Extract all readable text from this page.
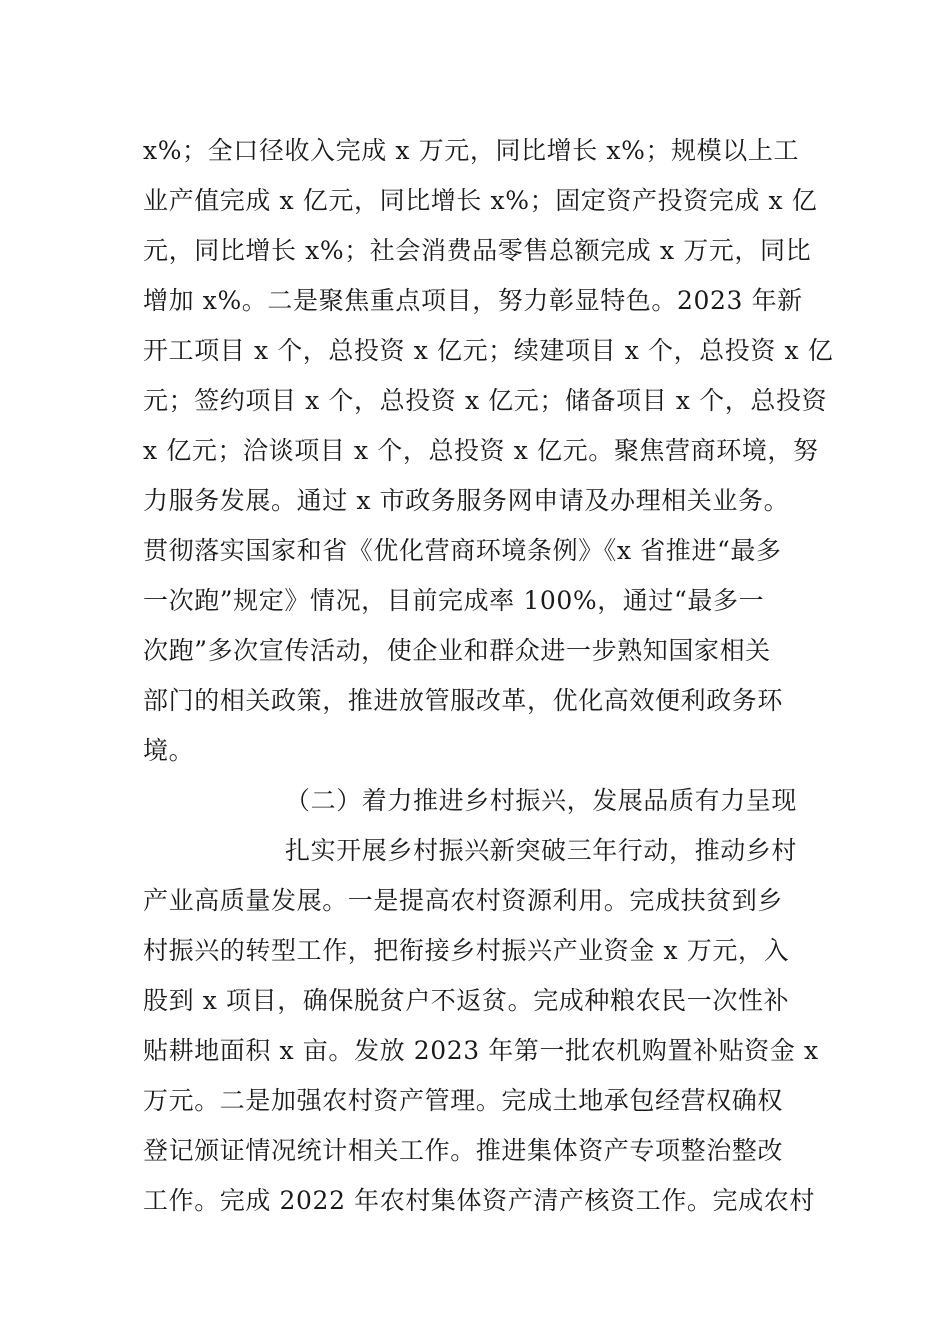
x%；全口径收入完成 x 万元，同比增长 x%；规模以上工
业产值完成 x 亿元，同比增长 x%；固定资产投资完成 x 亿
元，同比增长 x%；社会消费品零售总额完成 x 万元，同比
增加 x%。二是聚焦重点项目，努力彰显特色。2023 年新
开工项目 x 个，总投资 x 亿元；续建项目 x 个，总投资 x 亿
元；签约项目 x 个，总投资 x 亿元；储备项目 x 个，总投资
x 亿元；洽谈项目 x 个，总投资 x 亿元。聚焦营商环境，努
力服务发展。通过 x 市政务服务网申请及办理相关业务。
贯彻落实国家和省《优化营商环境条例》《x 省推进“最多
一次跑”规定》情况，目前完成率 100%，通过“最多一
次跑”多次宣传活动，使企业和群众进一步熟知国家相关
部门的相关政策，推进放管服改革，优化高效便利政务环
境。
（二）着力推进乡村振兴，发展品质有力呈现
扎实开展乡村振兴新突破三年行动，推动乡村
产业高质量发展。一是提高农村资源利用。完成扶贫到乡
村振兴的转型工作，把衔接乡村振兴产业资金 x 万元，入
股到 x 项目，确保脱贫户不返贫。完成种粮农民一次性补
贴耕地面积 x 亩。发放 2023 年第一批农机购置补贴资金 x
万元。二是加强农村资产管理。完成土地承包经营权确权
登记颁证情况统计相关工作。推进集体资产专项整治整改
工作。完成 2022 年农村集体资产清产核资工作。完成农村
